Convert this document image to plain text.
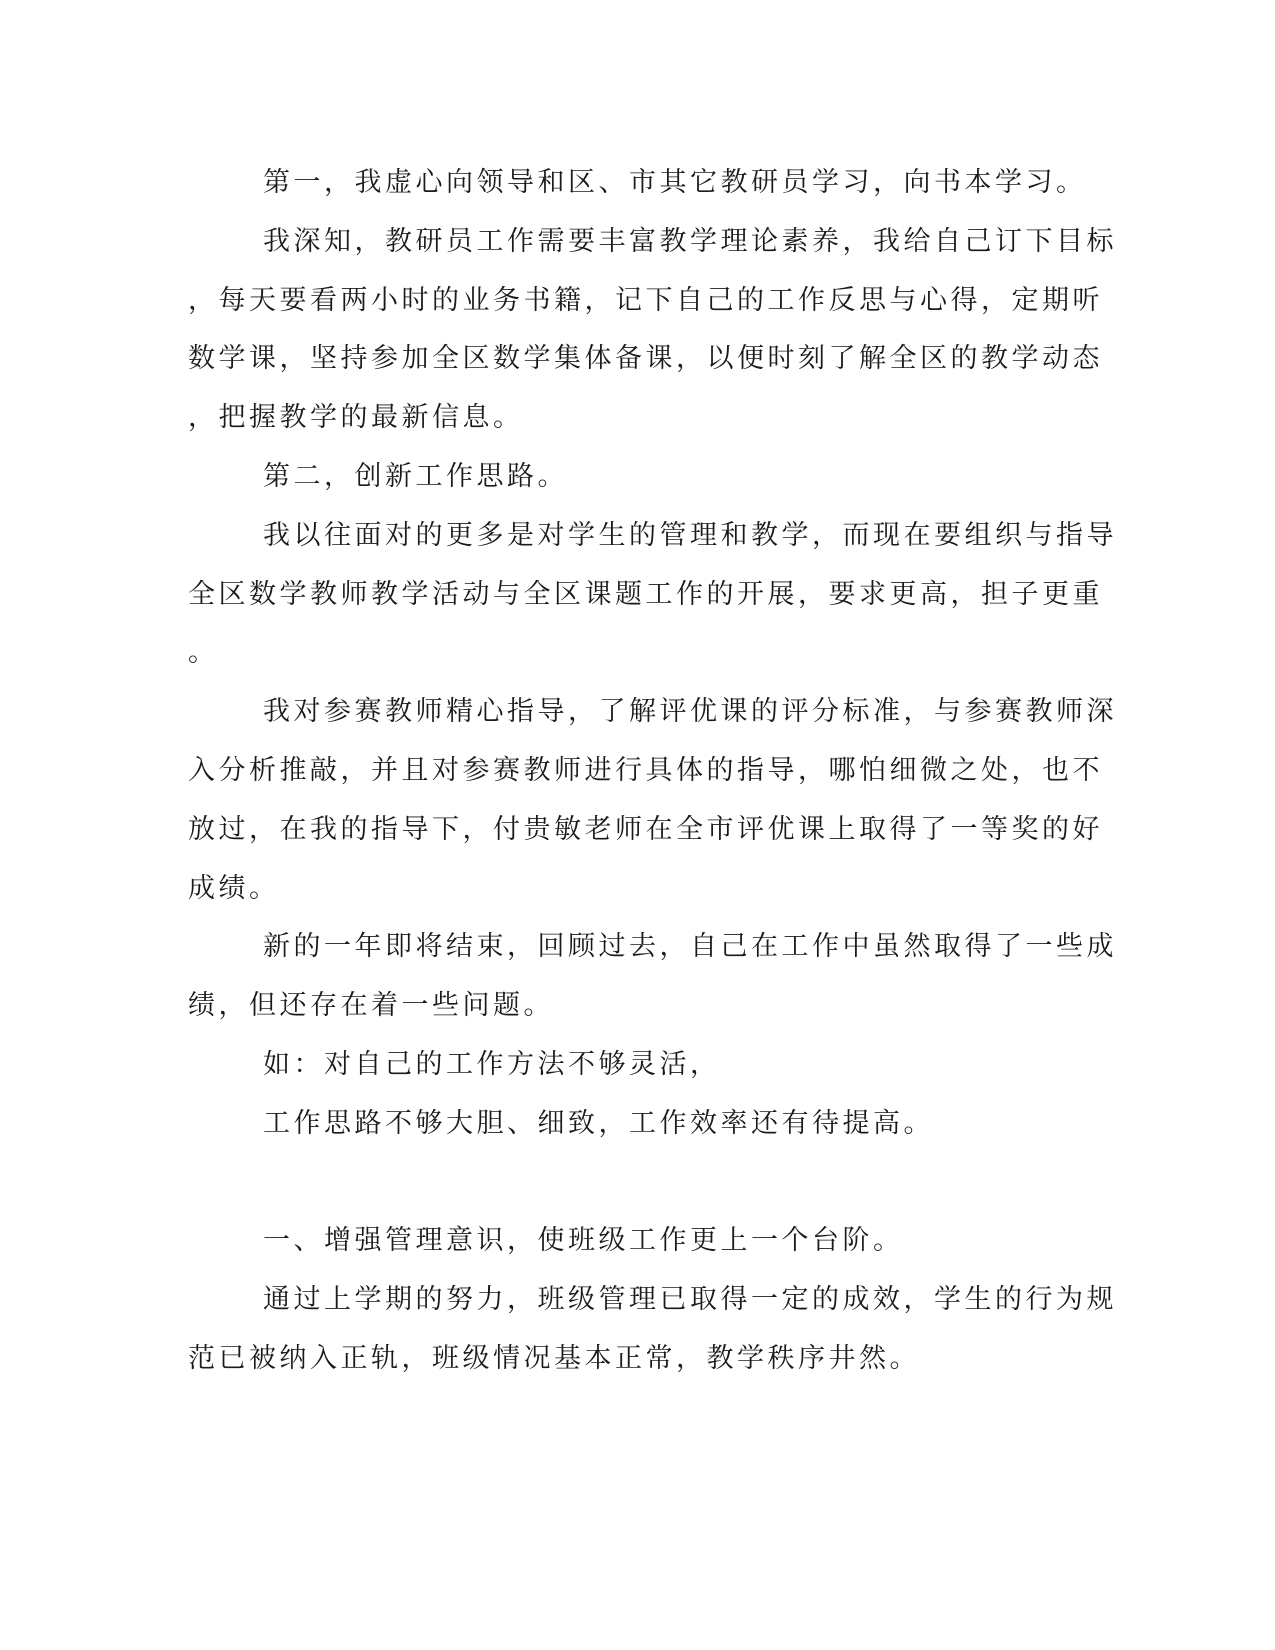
第一，我虚心向领导和区、市其它教研员学习，向书本学习。
我深知，教研员工作需要丰富教学理论素养，我给自己订下目标
，每天要看两小时的业务书籍，记下自己的工作反思与心得，定期听
数学课，坚持参加全区数学集体备课，以便时刻了解全区的教学动态
，把握教学的最新信息。
第二，创新工作思路。
我以往面对的更多是对学生的管理和教学，而现在要组织与指导
全区数学教师教学活动与全区课题工作的开展，要求更高，担子更重
。
我对参赛教师精心指导，了解评优课的评分标准，与参赛教师深
入分析推敲，并且对参赛教师进行具体的指导，哪怕细微之处，也不
放过，在我的指导下，付贵敏老师在全市评优课上取得了一等奖的好
成绩。
新的一年即将结束，回顾过去，自己在工作中虽然取得了一些成
绩，但还存在着一些问题。
如：对自己的工作方法不够灵活，
工作思路不够大胆、细致，工作效率还有待提高。
一、增强管理意识，使班级工作更上一个台阶。
通过上学期的努力，班级管理已取得一定的成效，学生的行为规
范已被纳入正轨，班级情况基本正常，教学秩序井然。
